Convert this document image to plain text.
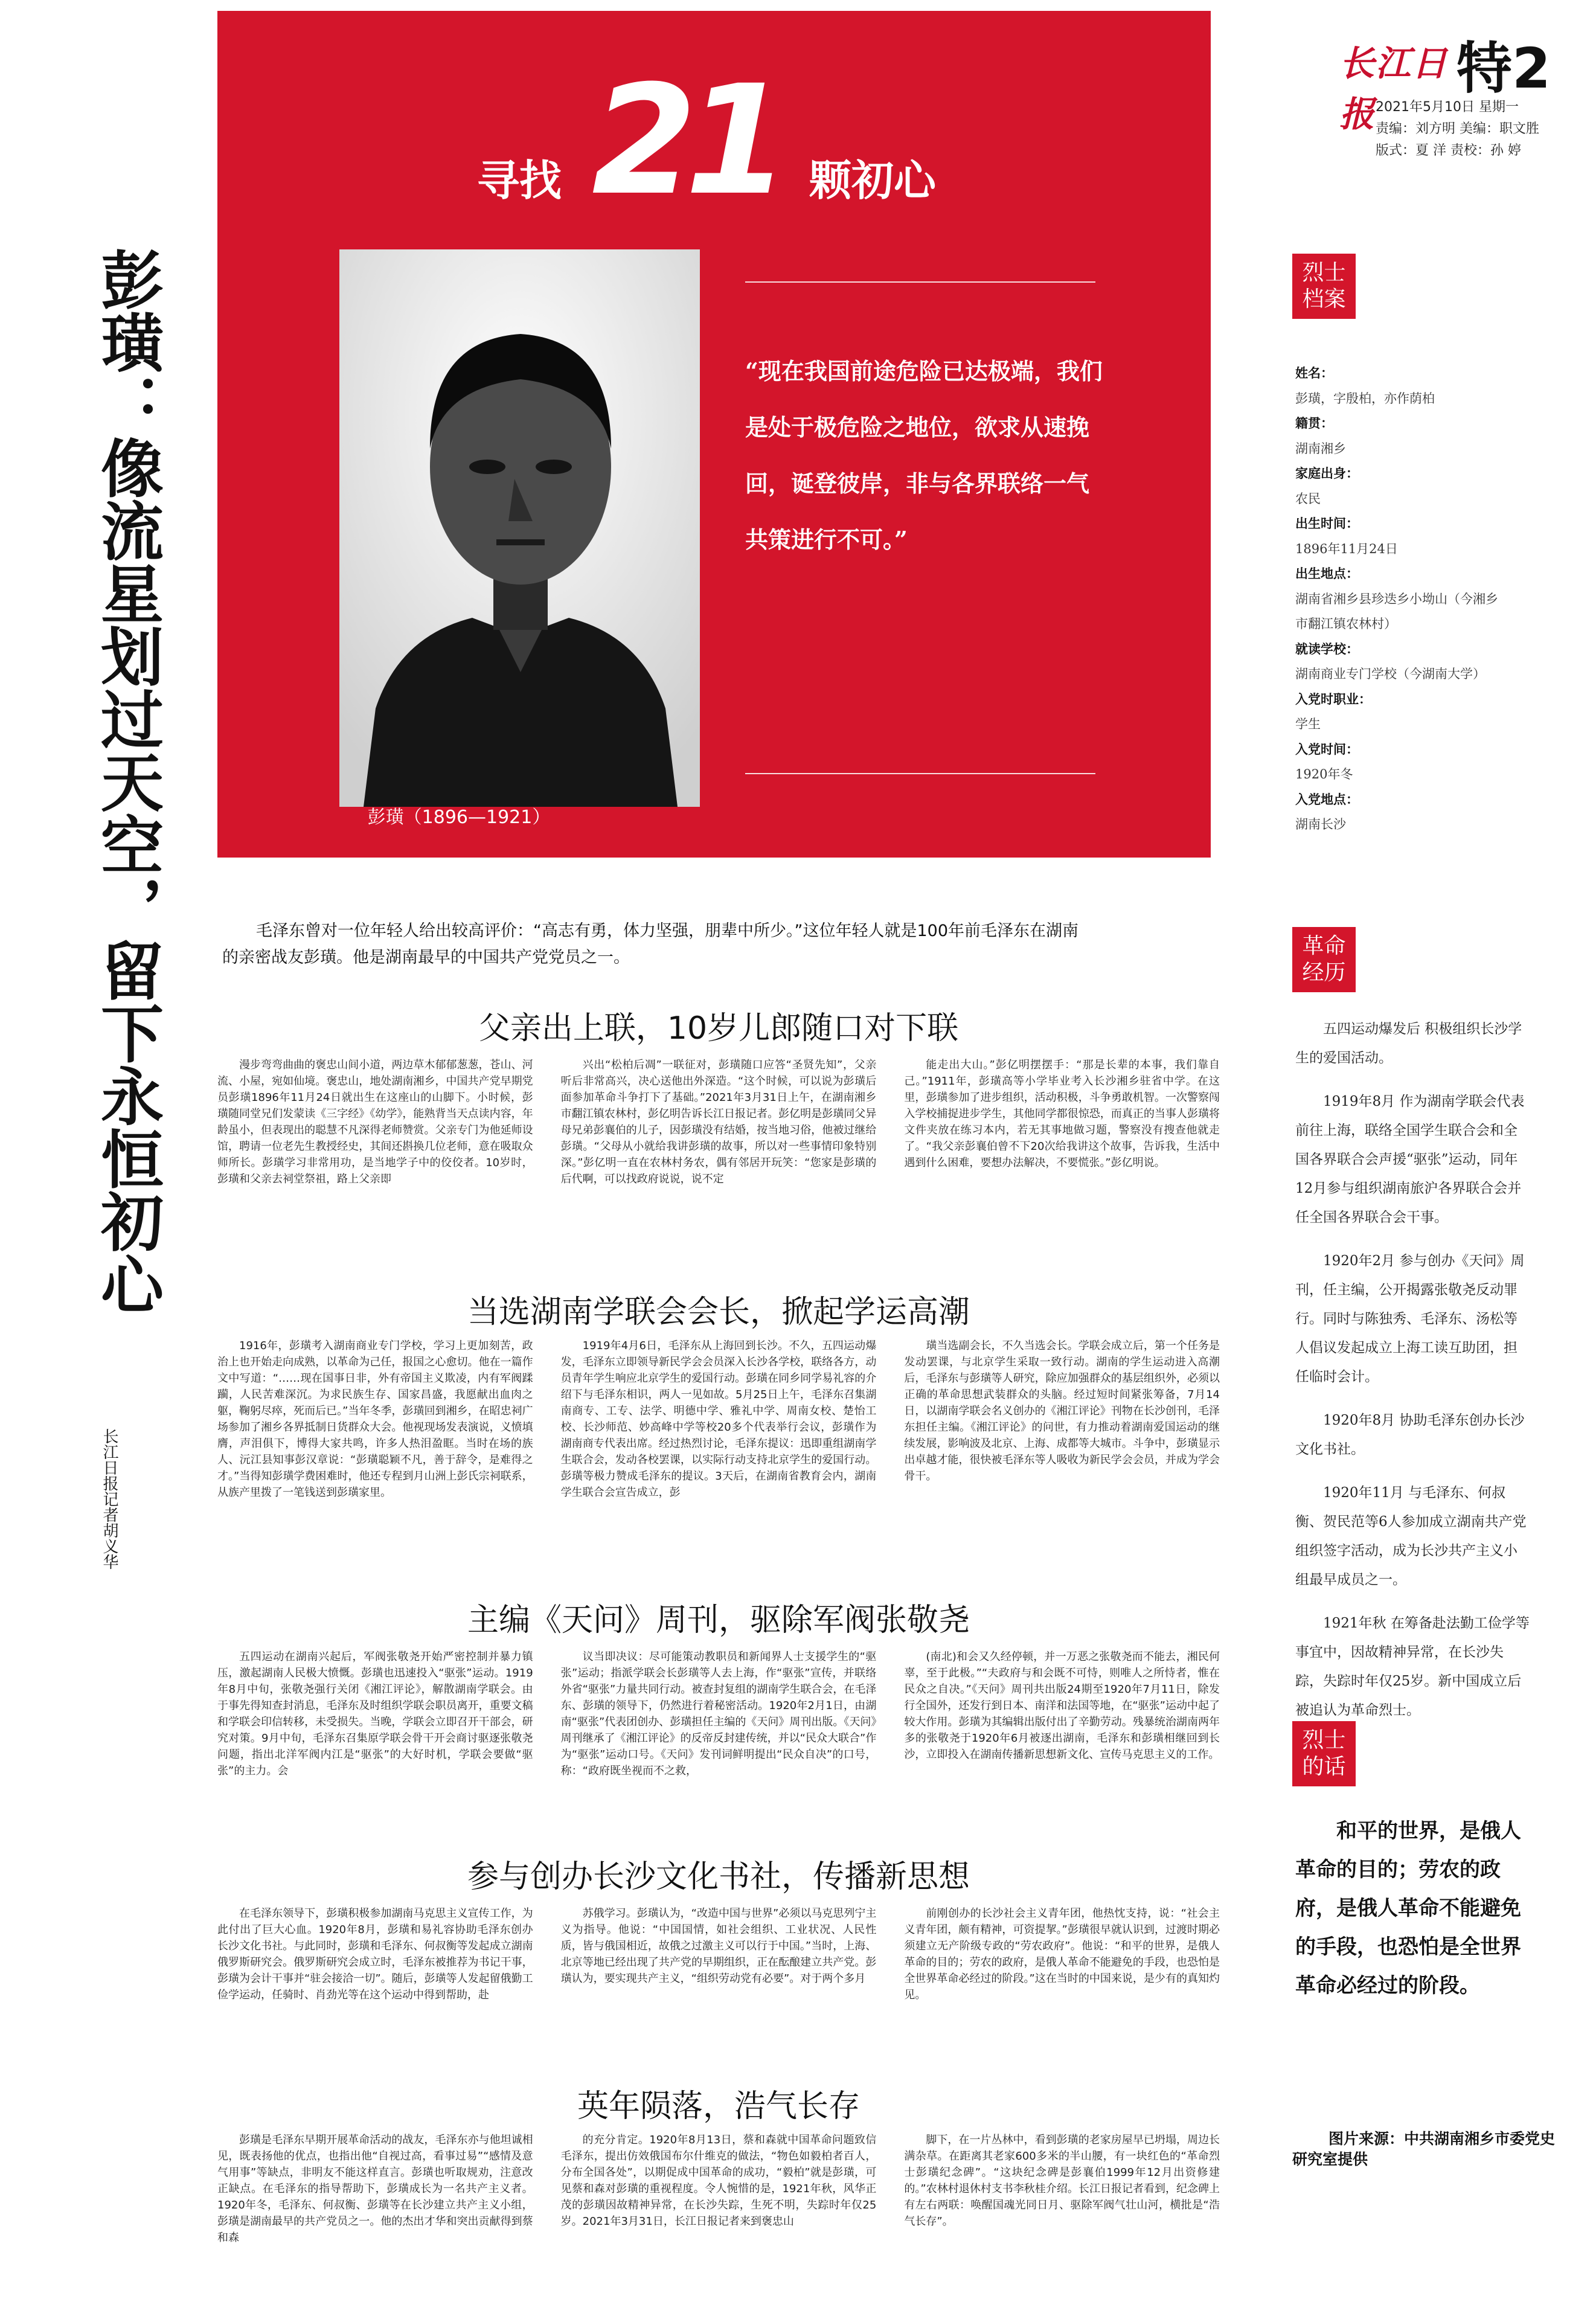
长江日报
特2
2021年5月10日 星期一
责编：刘方明 美编：职文胜
版式：夏 洋 责校：孙 婷
寻找 21 颗初心
彭璜（1896—1921）
“现在我国前途危险已达极端，我们是处于极危险之地位，欲求从速挽回，诞登彼岸，非与各界联络一气共策进行不可。”
彭璜：像流星划过天空，留下永恒初心
长江日报记者胡义华

毛泽东曾对一位年轻人给出较高评价：“高志有勇，体力坚强，朋辈中所少。”这位年轻人就是100年前毛泽东在湖南的亲密战友彭璜。他是湖南最早的中国共产党党员之一。

父亲出上联，10岁儿郎随口对下联

漫步弯弯曲曲的褒忠山间小道，两边草木郁郁葱葱，苍山、河流、小屋，宛如仙境。褒忠山，地处湖南湘乡，中国共产党早期党员彭璜1896年11月24日就出生在这座山的山脚下。小时候，彭璜随同堂兄们发蒙读《三字经》《幼学》，能熟背当天点读内容，年龄虽小，但表现出的聪慧不凡深得老师赞赏。父亲专门为他延师设馆，聘请一位老先生教授经史，其间还斟换几位老师，意在吸取众师所长。彭璜学习非常用功，是当地学子中的佼佼者。10岁时，彭璜和父亲去祠堂祭祖，路上父亲即

兴出“松柏后凋”一联征对，彭璜随口应答“圣贤先知”，父亲听后非常高兴，决心送他出外深造。“这个时候，可以说为彭璜后面参加革命斗争打下了基础。”2021年3月31日上午，在湖南湘乡市翻江镇农林村，彭亿明告诉长江日报记者。彭亿明是彭璜同父异母兄弟彭襄伯的儿子，因彭璜没有结婚，按当地习俗，他被过继给彭璜。“父母从小就给我讲彭璜的故事，所以对一些事情印象特别深。”彭亿明一直在农林村务农，偶有邻居开玩笑：“您家是彭璜的后代啊，可以找政府说说，说不定

能走出大山。”彭亿明摆摆手：“那是长辈的本事，我们靠自己。”1911年，彭璜高等小学毕业考入长沙湘乡驻省中学。在这里，彭璜参加了进步组织，活动积极，斗争勇敢机智。一次警察闯入学校捕捉进步学生，其他同学都很惊恐，而真正的当事人彭璜将文件夹放在练习本内，若无其事地做习题，警察没有搜查他就走了。“我父亲彭襄伯曾不下20次给我讲这个故事，告诉我，生活中遇到什么困难，要想办法解决，不要慌张。”彭亿明说。

当选湖南学联会会长，掀起学运高潮

1916年，彭璜考入湖南商业专门学校，学习上更加刻苦，政治上也开始走向成熟，以革命为己任，报国之心愈切。他在一篇作文中写道：“……现在国事日非，外有帝国主义欺凌，内有军阀蹂躏，人民苦难深沉。为求民族生存、国家昌盛，我愿献出血肉之躯，鞠躬尽瘁，死而后已。”当年冬季，彭璜回到湘乡，在昭忠祠广场参加了湘乡各界抵制日货群众大会。他视现场发表演说，义愤填膺，声泪俱下，博得大家共鸣，许多人热泪盈眶。当时在场的族人、沅江县知事彭汉章说：“彭璜聪颖不凡，善于辞令，是难得之才。”当得知彭璜学费困难时，他还专程到月山洲上彭氏宗祠联系，从族产里拨了一笔钱送到彭璜家里。

1919年4月6日，毛泽东从上海回到长沙。不久，五四运动爆发，毛泽东立即领导新民学会会员深入长沙各学校，联络各方，动员青年学生响应北京学生的爱国行动。彭璜在同乡同学易礼容的介绍下与毛泽东相识，两人一见如故。5月25日上午，毛泽东召集湖南商专、工专、法学、明德中学、雅礼中学、周南女校、楚怡工校、长沙师范、妙高峰中学等校20多个代表举行会议，彭璜作为湖南商专代表出席。经过热烈讨论，毛泽东提议：迅即重组湖南学生联合会，发动各校罢课，以实际行动支持北京学生的爱国行动。彭璜等极力赞成毛泽东的提议。3天后，在湖南省教育会内，湖南学生联合会宣告成立，彭

璜当选副会长，不久当选会长。学联会成立后，第一个任务是发动罢课，与北京学生采取一致行动。湖南的学生运动进入高潮后，毛泽东与彭璜等人研究，除应加强群众的基层组织外，必须以正确的革命思想武装群众的头脑。经过短时间紧张筹备，7月14日，以湖南学联会名义创办的《湘江评论》刊物在长沙创刊，毛泽东担任主编。《湘江评论》的问世，有力推动着湖南爱国运动的继续发展，影响波及北京、上海、成都等大城市。斗争中，彭璜显示出卓越才能，很快被毛泽东等人吸收为新民学会会员，并成为学会骨干。

主编《天问》周刊，驱除军阀张敬尧

五四运动在湖南兴起后，军阀张敬尧开始严密控制并暴力镇压，激起湖南人民极大愤慨。彭璜也迅速投入“驱张”运动。1919年8月中旬，张敬尧强行关闭《湘江评论》，解散湖南学联会。由于事先得知查封消息，毛泽东及时组织学联会职员离开，重要文稿和学联会印信转移，未受损失。当晚，学联会立即召开干部会，研究对策。9月中旬，毛泽东召集原学联会骨干开会商讨驱逐张敬尧问题，指出北洋军阀内江是“驱张”的大好时机，学联会要做“驱张”的主力。会

议当即决议：尽可能策动教职员和新闻界人士支援学生的“驱张”运动；指派学联会长彭璜等人去上海，作“驱张”宣传，并联络外省“驱张”力量共同行动。被查封复组的湖南学生联合会，在毛泽东、彭璜的领导下，仍然进行着秘密活动。1920年2月1日，由湖南“驱张”代表团创办、彭璜担任主编的《天问》周刊出版。《天问》周刊继承了《湘江评论》的反帝反封建传统，并以“民众大联合”作为“驱张”运动口号。《天问》发刊词鲜明提出“民众自决”的口号，称：“政府既坐视而不之救，

(南北)和会又久经停顿，并一万恶之张敬尧而不能去，湘民何辜，至于此极。”“夫政府与和会既不可恃，则唯人之所恃者，惟在民众之自决。”《天问》周刊共出版24期至1920年7月11日，除发行全国外，还发行到日本、南洋和法国等地，在“驱张”运动中起了较大作用。彭璜为其编辑出版付出了辛勤劳动。残暴统治湖南两年多的张敬尧于1920年6月被逐出湖南，毛泽东和彭璜相继回到长沙，立即投入在湖南传播新思想新文化、宣传马克思主义的工作。

参与创办长沙文化书社，传播新思想

在毛泽东领导下，彭璜积极参加湖南马克思主义宣传工作，为此付出了巨大心血。1920年8月，彭璜和易礼容协助毛泽东创办长沙文化书社。与此同时，彭璜和毛泽东、何叔衡等发起成立湖南俄罗斯研究会。俄罗斯研究会成立时，毛泽东被推荐为书记干事，彭璜为会计干事并“驻会接洽一切”。随后，彭璜等人发起留俄勤工俭学运动，任骑时、肖劲光等在这个运动中得到帮助，赴

苏俄学习。彭璜认为，“改造中国与世界”必须以马克思列宁主义为指导。他说：“中国国情，如社会组织、工业状况、人民性质，皆与俄国相近，故俄之过激主义可以行于中国。”当时，上海、北京等地已经出现了共产党的早期组织，正在酝酿建立共产党。彭璜认为，要实现共产主义，“组织劳动党有必要”。对于两个多月

前刚创办的长沙社会主义青年团，他热忱支持，说：“社会主义青年团，颇有精神，可资提挈。”彭璜很早就认识到，过渡时期必须建立无产阶级专政的“劳农政府”。他说：“和平的世界，是俄人革命的目的；劳农的政府，是俄人革命不能避免的手段，也恐怕是全世界革命必经过的阶段。”这在当时的中国来说，是少有的真知灼见。

英年陨落，浩气长存

彭璜是毛泽东早期开展革命活动的战友，毛泽东亦与他坦诚相见，既表扬他的优点，也指出他“自视过高，看事过易”“感情及意气用事”等缺点，非明友不能这样直言。彭璜也听取规劝，注意改正缺点。在毛泽东的指导帮助下，彭璜成长为一名共产主义者。1920年冬，毛泽东、何叔衡、彭璜等在长沙建立共产主义小组，彭璜是湖南最早的共产党员之一。他的杰出才华和突出贡献得到蔡和森

的充分肯定。1920年8月13日，蔡和森就中国革命问题致信毛泽东，提出仿效俄国布尔什维克的做法，“物色如毅柏者百人，分布全国各处”，以期促成中国革命的成功，“毅柏”就是彭璜，可见蔡和森对彭璜的重视程度。令人惋惜的是，1921年秋，风华正茂的彭璜因故精神异常，在长沙失踪，生死不明，失踪时年仅25岁。2021年3月31日，长江日报记者来到褒忠山

脚下，在一片丛林中，看到彭璜的老家房屋早已坍塌，周边长满杂草。在距离其老家600多米的半山腰，有一块红色的“革命烈士彭璜纪念碑”。“这块纪念碑是彭襄伯1999年12月出资修建的。”农林村退休村支书李秋桂介绍。长江日报记者看到，纪念碑上有左右两联：唤醒国魂光同日月、驱除军阀气壮山河，横批是“浩气长存”。

烈士档案
姓名：
彭璜，字殷柏，亦作荫柏
籍贯：
湖南湘乡
家庭出身：
农民
出生时间：
1896年11月24日
出生地点：
湖南省湘乡县珍迭乡小坳山（今湘乡市翻江镇农林村）
就读学校：
湖南商业专门学校（今湖南大学）
入党时职业：
学生
入党时间：
1920年冬
入党地点：
湖南长沙
革命经历

五四运动爆发后 积极组织长沙学生的爱国活动。

1919年8月 作为湖南学联会代表前往上海，联络全国学生联合会和全国各界联合会声援“驱张”运动，同年12月参与组织湖南旅沪各界联合会并任全国各界联合会干事。

1920年2月 参与创办《天问》周刊，任主编，公开揭露张敬尧反动罪行。同时与陈独秀、毛泽东、汤松等人倡议发起成立上海工读互助团，担任临时会计。

1920年8月 协助毛泽东创办长沙文化书社。

1920年11月 与毛泽东、何叔衡、贺民范等6人参加成立湖南共产党组织签字活动，成为长沙共产主义小组最早成员之一。

1921年秋 在筹备赴法勤工俭学等事宜中，因故精神异常，在长沙失踪，失踪时年仅25岁。新中国成立后被追认为革命烈士。

烈士的话
和平的世界，是俄人革命的目的；劳农的政府，是俄人革命不能避免的手段，也恐怕是全世界革命必经过的阶段。
图片来源：中共湖南湘乡市委党史研究室提供
